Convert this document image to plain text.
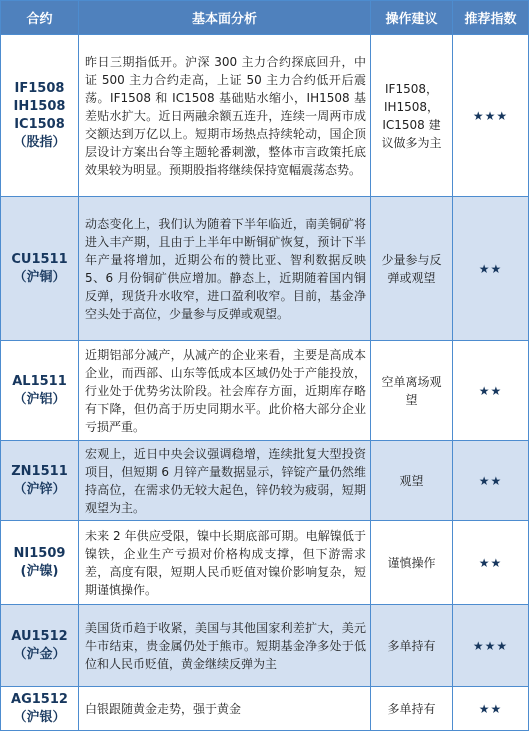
合约	基本面分析	操作建议	推荐指数

IF1508
IH1508
IC1508
（股指）	昨日三期指低开。沪深 300 主力合约探底回升，中证 500 主力合约走高，上证 50 主力合约低开后震荡。IF1508 和 IC1508 基础贴水缩小，IH1508 基差贴水扩大。近日两融余额五连升，连续一周两市成交额达到万亿以上。短期市场热点持续轮动，国企顶层设计方案出台等主题轮番刺激，整体市言政策托底效果较为明显。预期股指将继续保持宽幅震荡态势。	IF1508，IH1508，IC1508 建议做多为主	★★★

CU1511
（沪铜）	动态变化上，我们认为随着下半年临近，南美铜矿将进入丰产期，且由于上半年中断铜矿恢复，预计下半年产量将增加，近期公布的赞比亚、智利数据反映 5、6 月份铜矿供应增加。静态上，近期随着国内铜反弹，现货升水收窄，进口盈利收窄。目前，基金净空头处于高位，少量参与反弹或观望。	少量参与反弹或观望	★★

AL1511
（沪铝）	近期铝部分减产，从减产的企业来看，主要是高成本企业，而西部、山东等低成本区域仍处于产能投放，行业处于优势劣汰阶段。社会库存方面，近期库存略有下降，但仍高于历史同期水平。此价格大部分企业亏损严重。	空单离场观望	★★

ZN1511
（沪锌）	宏观上，近日中央会议强调稳增，连续批复大型投资项目，但短期 6 月锌产量数据显示，锌锭产量仍然维持高位，在需求仍无较大起色，锌仍较为疲弱，短期观望为主。	观望	★★

NI1509
(沪镍)	未来 2 年供应受限，镍中长期底部可期。电解镍低于镍铁，企业生产亏损对价格构成支撑，但下游需求差，高度有限，短期人民币贬值对镍价影响复杂，短期谨慎操作。	谨慎操作	★★

AU1512
（沪金）	美国货币趋于收紧，美国与其他国家利差扩大，美元牛市结束，贵金属仍处于熊市。短期基金净多处于低位和人民币贬值，黄金继续反弹为主	多单持有	★★★

AG1512
（沪银）	白银跟随黄金走势，强于黄金	多单持有	★★
